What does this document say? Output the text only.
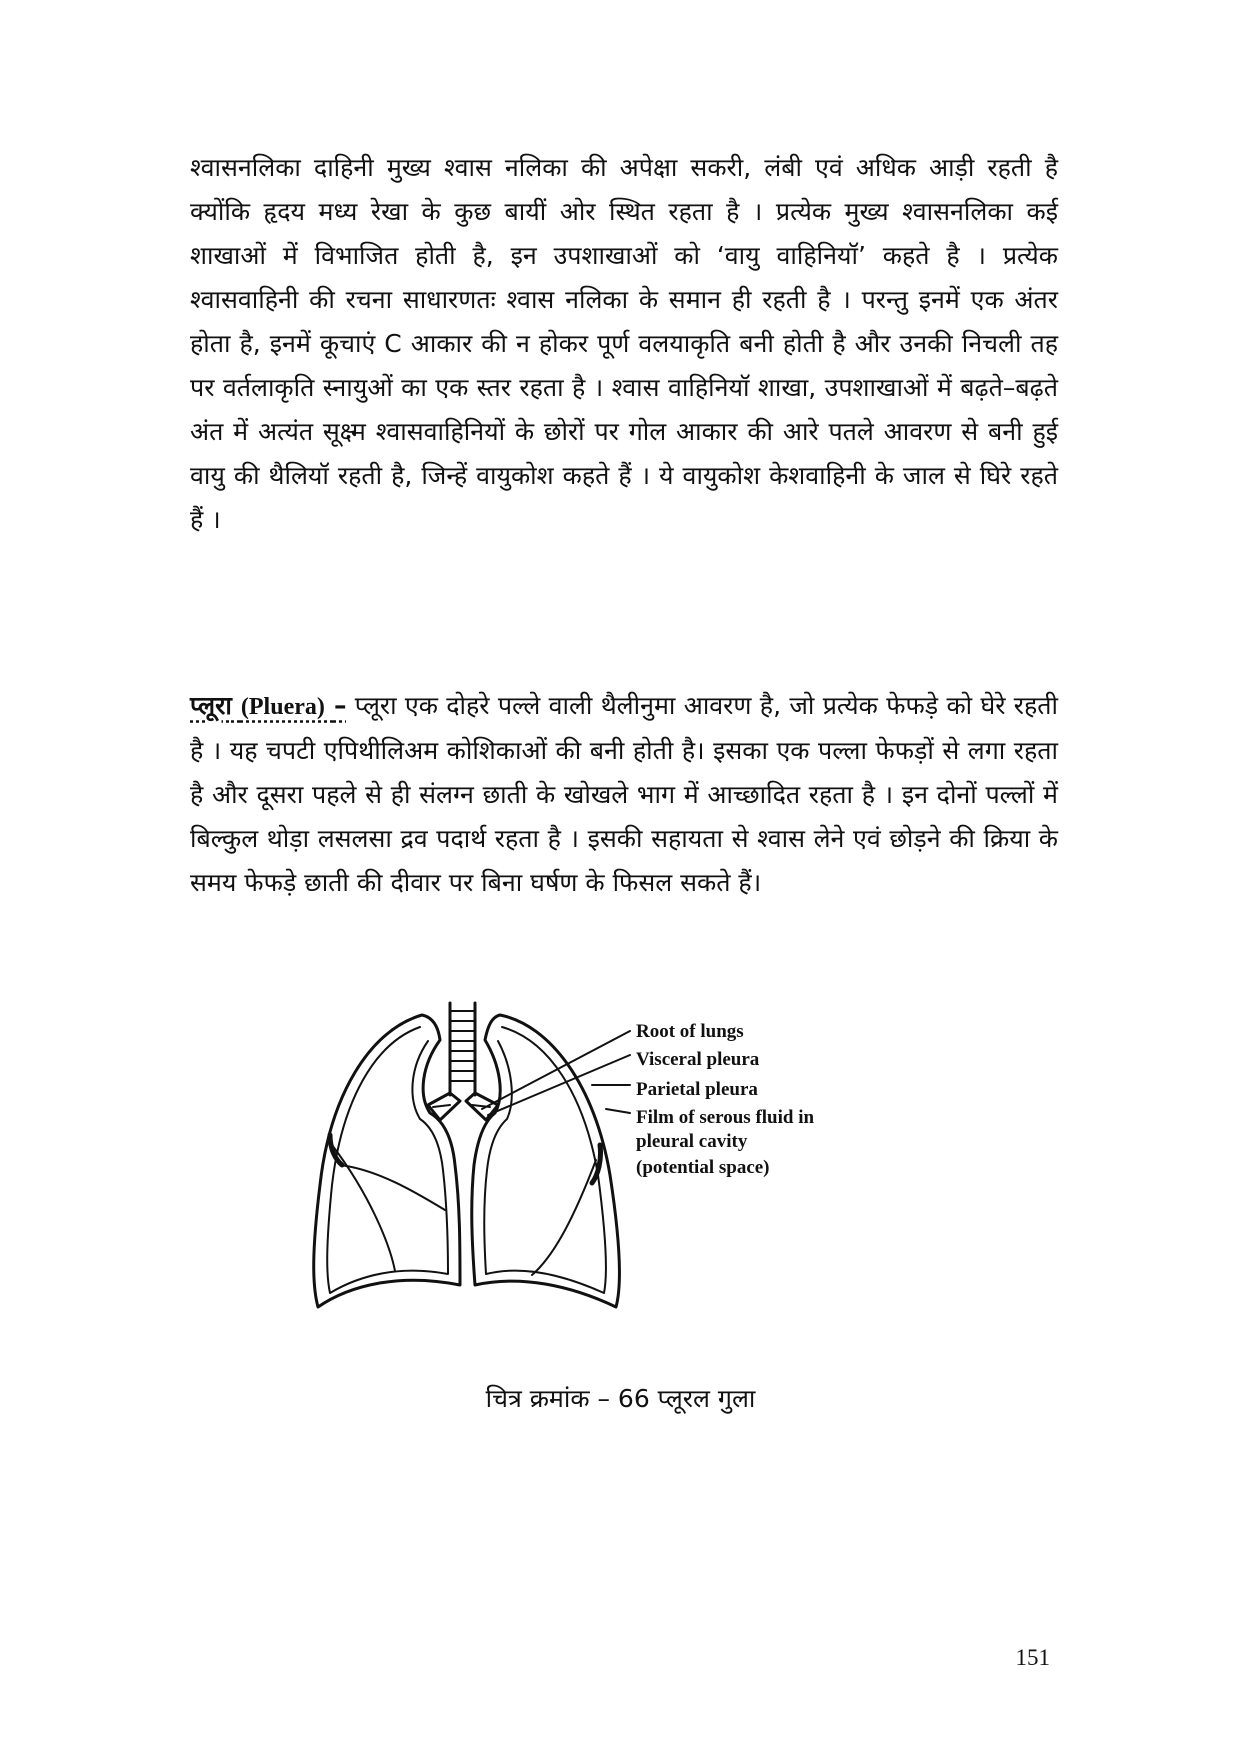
श्वासनलिका दाहिनी मुख्य श्वास नलिका की अपेक्षा सकरी, लंबी एवं अधिक आड़ी रहती है क्योंकि हृदय मध्य रेखा के कुछ बायीं ओर स्थित रहता है । प्रत्येक मुख्य श्वासनलिका कई शाखाओं में विभाजित होती है, इन उपशाखाओं को ‘वायु वाहिनियॉ’ कहते है । प्रत्येक श्वासवाहिनी की रचना साधारणतः श्वास नलिका के समान ही रहती है । परन्तु इनमें एक अंतर होता है, इनमें कूचाएं C आकार की न होकर पूर्ण वलयाकृति बनी होती है और उनकी निचली तह पर वर्तलाकृति स्नायुओं का एक स्तर रहता है । श्वास वाहिनियॉ शाखा, उपशाखाओं में बढ़ते–बढ़ते अंत में अत्यंत सूक्ष्म श्वासवाहिनियों के छोरों पर गोल आकार की आरे पतले आवरण से बनी हुई वायु की थैलियॉ रहती है, जिन्हें वायुकोश कहते हैं । ये वायुकोश केशवाहिनी के जाल से घिरे रहते हैं ।

प्लूरा (Pluera) – प्लूरा एक दोहरे पल्ले वाली थैलीनुमा आवरण है, जो प्रत्येक फेफड़े को घेरे रहती है । यह चपटी एपिथीलिअम कोशिकाओं की बनी होती है। इसका एक पल्ला फेफड़ों से लगा रहता है और दूसरा पहले से ही संलग्न छाती के खोखले भाग में आच्छादित रहता है । इन दोनों पल्लों में बिल्कुल थोड़ा लसलसा द्रव पदार्थ रहता है । इसकी सहायता से श्वास लेने एवं छोड़ने की क्रिया के समय फेफड़े छाती की दीवार पर बिना घर्षण के फिसल सकते हैं।

Root of lungs
Visceral pleura
Parietal pleura
Film of serous fluid in
pleural cavity
(potential space)

चित्र क्रमांक – 66 प्लूरल गुला

151
